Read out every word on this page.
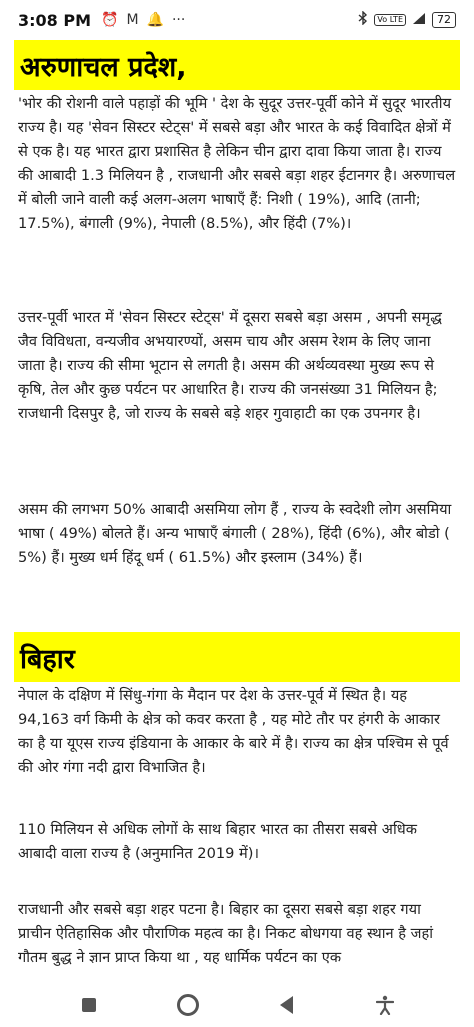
3:08 PM ⏰ M 🔔 ···	Vo LTE	72
अरुणाचल प्रदेश,

'भोर की रोशनी वाले पहाड़ों की भूमि ' देश के सुदूर उत्तर-पूर्वी कोने में सुदूर भारतीय राज्य है। यह 'सेवन सिस्टर स्टेट्स' में सबसे बड़ा और भारत के कई विवादित क्षेत्रों में से एक है। यह भारत द्वारा प्रशासित है लेकिन चीन द्वारा दावा किया जाता है। राज्य की आबादी 1.3 मिलियन है , राजधानी और सबसे बड़ा शहर ईटानगर है। अरुणाचल में बोली जाने वाली कई अलग-अलग भाषाएँ हैं: निशी ( 19%), आदि (तानी; 17.5%), बंगाली (9%), नेपाली (8.5%), और हिंदी (7%)।

उत्तर-पूर्वी भारत में 'सेवन सिस्टर स्टेट्स' में दूसरा सबसे बड़ा असम , अपनी समृद्ध जैव विविधता, वन्यजीव अभयारण्यों, असम चाय और असम रेशम के लिए जाना जाता है। राज्य की सीमा भूटान से लगती है। असम की अर्थव्यवस्था मुख्य रूप से कृषि, तेल और कुछ पर्यटन पर आधारित है। राज्य की जनसंख्या 31 मिलियन है; राजधानी दिसपुर है, जो राज्य के सबसे बड़े शहर गुवाहाटी का एक उपनगर है।

असम की लगभग 50% आबादी असमिया लोग हैं , राज्य के स्वदेशी लोग असमिया भाषा ( 49%) बोलते हैं। अन्य भाषाएँ बंगाली ( 28%), हिंदी (6%), और बोडो ( 5%) हैं। मुख्य धर्म हिंदू धर्म ( 61.5%) और इस्लाम (34%) हैं।

बिहार

नेपाल के दक्षिण में सिंधु-गंगा के मैदान पर देश के उत्तर-पूर्व में स्थित है। यह 94,163 वर्ग किमी के क्षेत्र को कवर करता है , यह मोटे तौर पर हंगरी के आकार का है या यूएस राज्य इंडियाना के आकार के बारे में है। राज्य का क्षेत्र पश्चिम से पूर्व की ओर गंगा नदी द्वारा विभाजित है।

110 मिलियन से अधिक लोगों के साथ बिहार भारत का तीसरा सबसे अधिक आबादी वाला राज्य है (अनुमानित 2019 में)।

राजधानी और सबसे बड़ा शहर पटना है। बिहार का दूसरा सबसे बड़ा शहर गया प्राचीन ऐतिहासिक और पौराणिक महत्व का है। निकट बोधगया वह स्थान है जहां गौतम बुद्ध ने ज्ञान प्राप्त किया था , यह धार्मिक पर्यटन का एक
